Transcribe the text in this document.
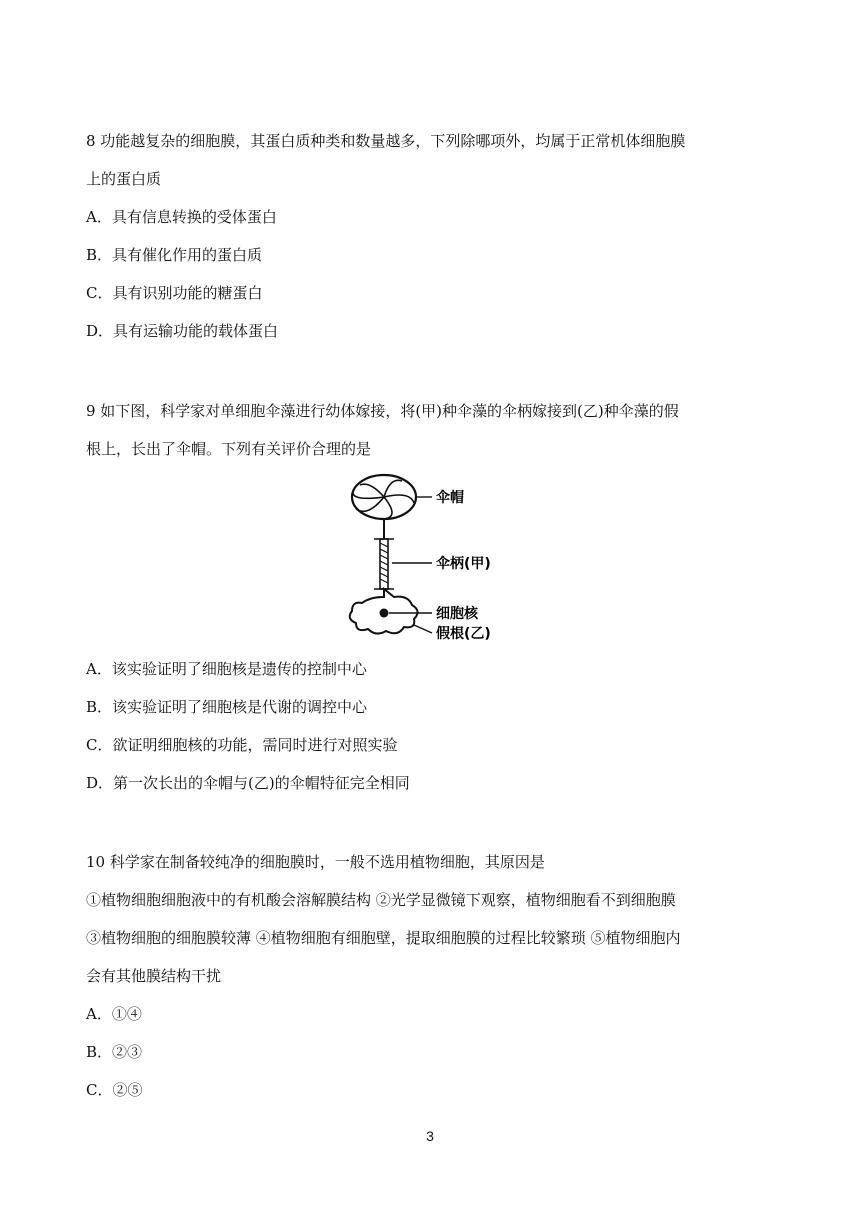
8 功能越复杂的细胞膜，其蛋白质种类和数量越多，下列除哪项外，均属于正常机体细胞膜
上的蛋白质
A．具有信息转换的受体蛋白
B．具有催化作用的蛋白质
C．具有识别功能的糖蛋白
D．具有运输功能的载体蛋白
9 如下图，科学家对单细胞伞藻进行幼体嫁接，将(甲)种伞藻的伞柄嫁接到(乙)种伞藻的假
根上，长出了伞帽。下列有关评价合理的是
伞帽
伞柄(甲)
细胞核
假根(乙)
A．该实验证明了细胞核是遗传的控制中心
B．该实验证明了细胞核是代谢的调控中心
C．欲证明细胞核的功能，需同时进行对照实验
D．第一次长出的伞帽与(乙)的伞帽特征完全相同
10 科学家在制备较纯净的细胞膜时，一般不选用植物细胞，其原因是
①植物细胞细胞液中的有机酸会溶解膜结构 ②光学显微镜下观察，植物细胞看不到细胞膜
③植物细胞的细胞膜较薄 ④植物细胞有细胞壁，提取细胞膜的过程比较繁琐 ⑤植物细胞内
会有其他膜结构干扰
A．①④
B．②③
C．②⑤
3
